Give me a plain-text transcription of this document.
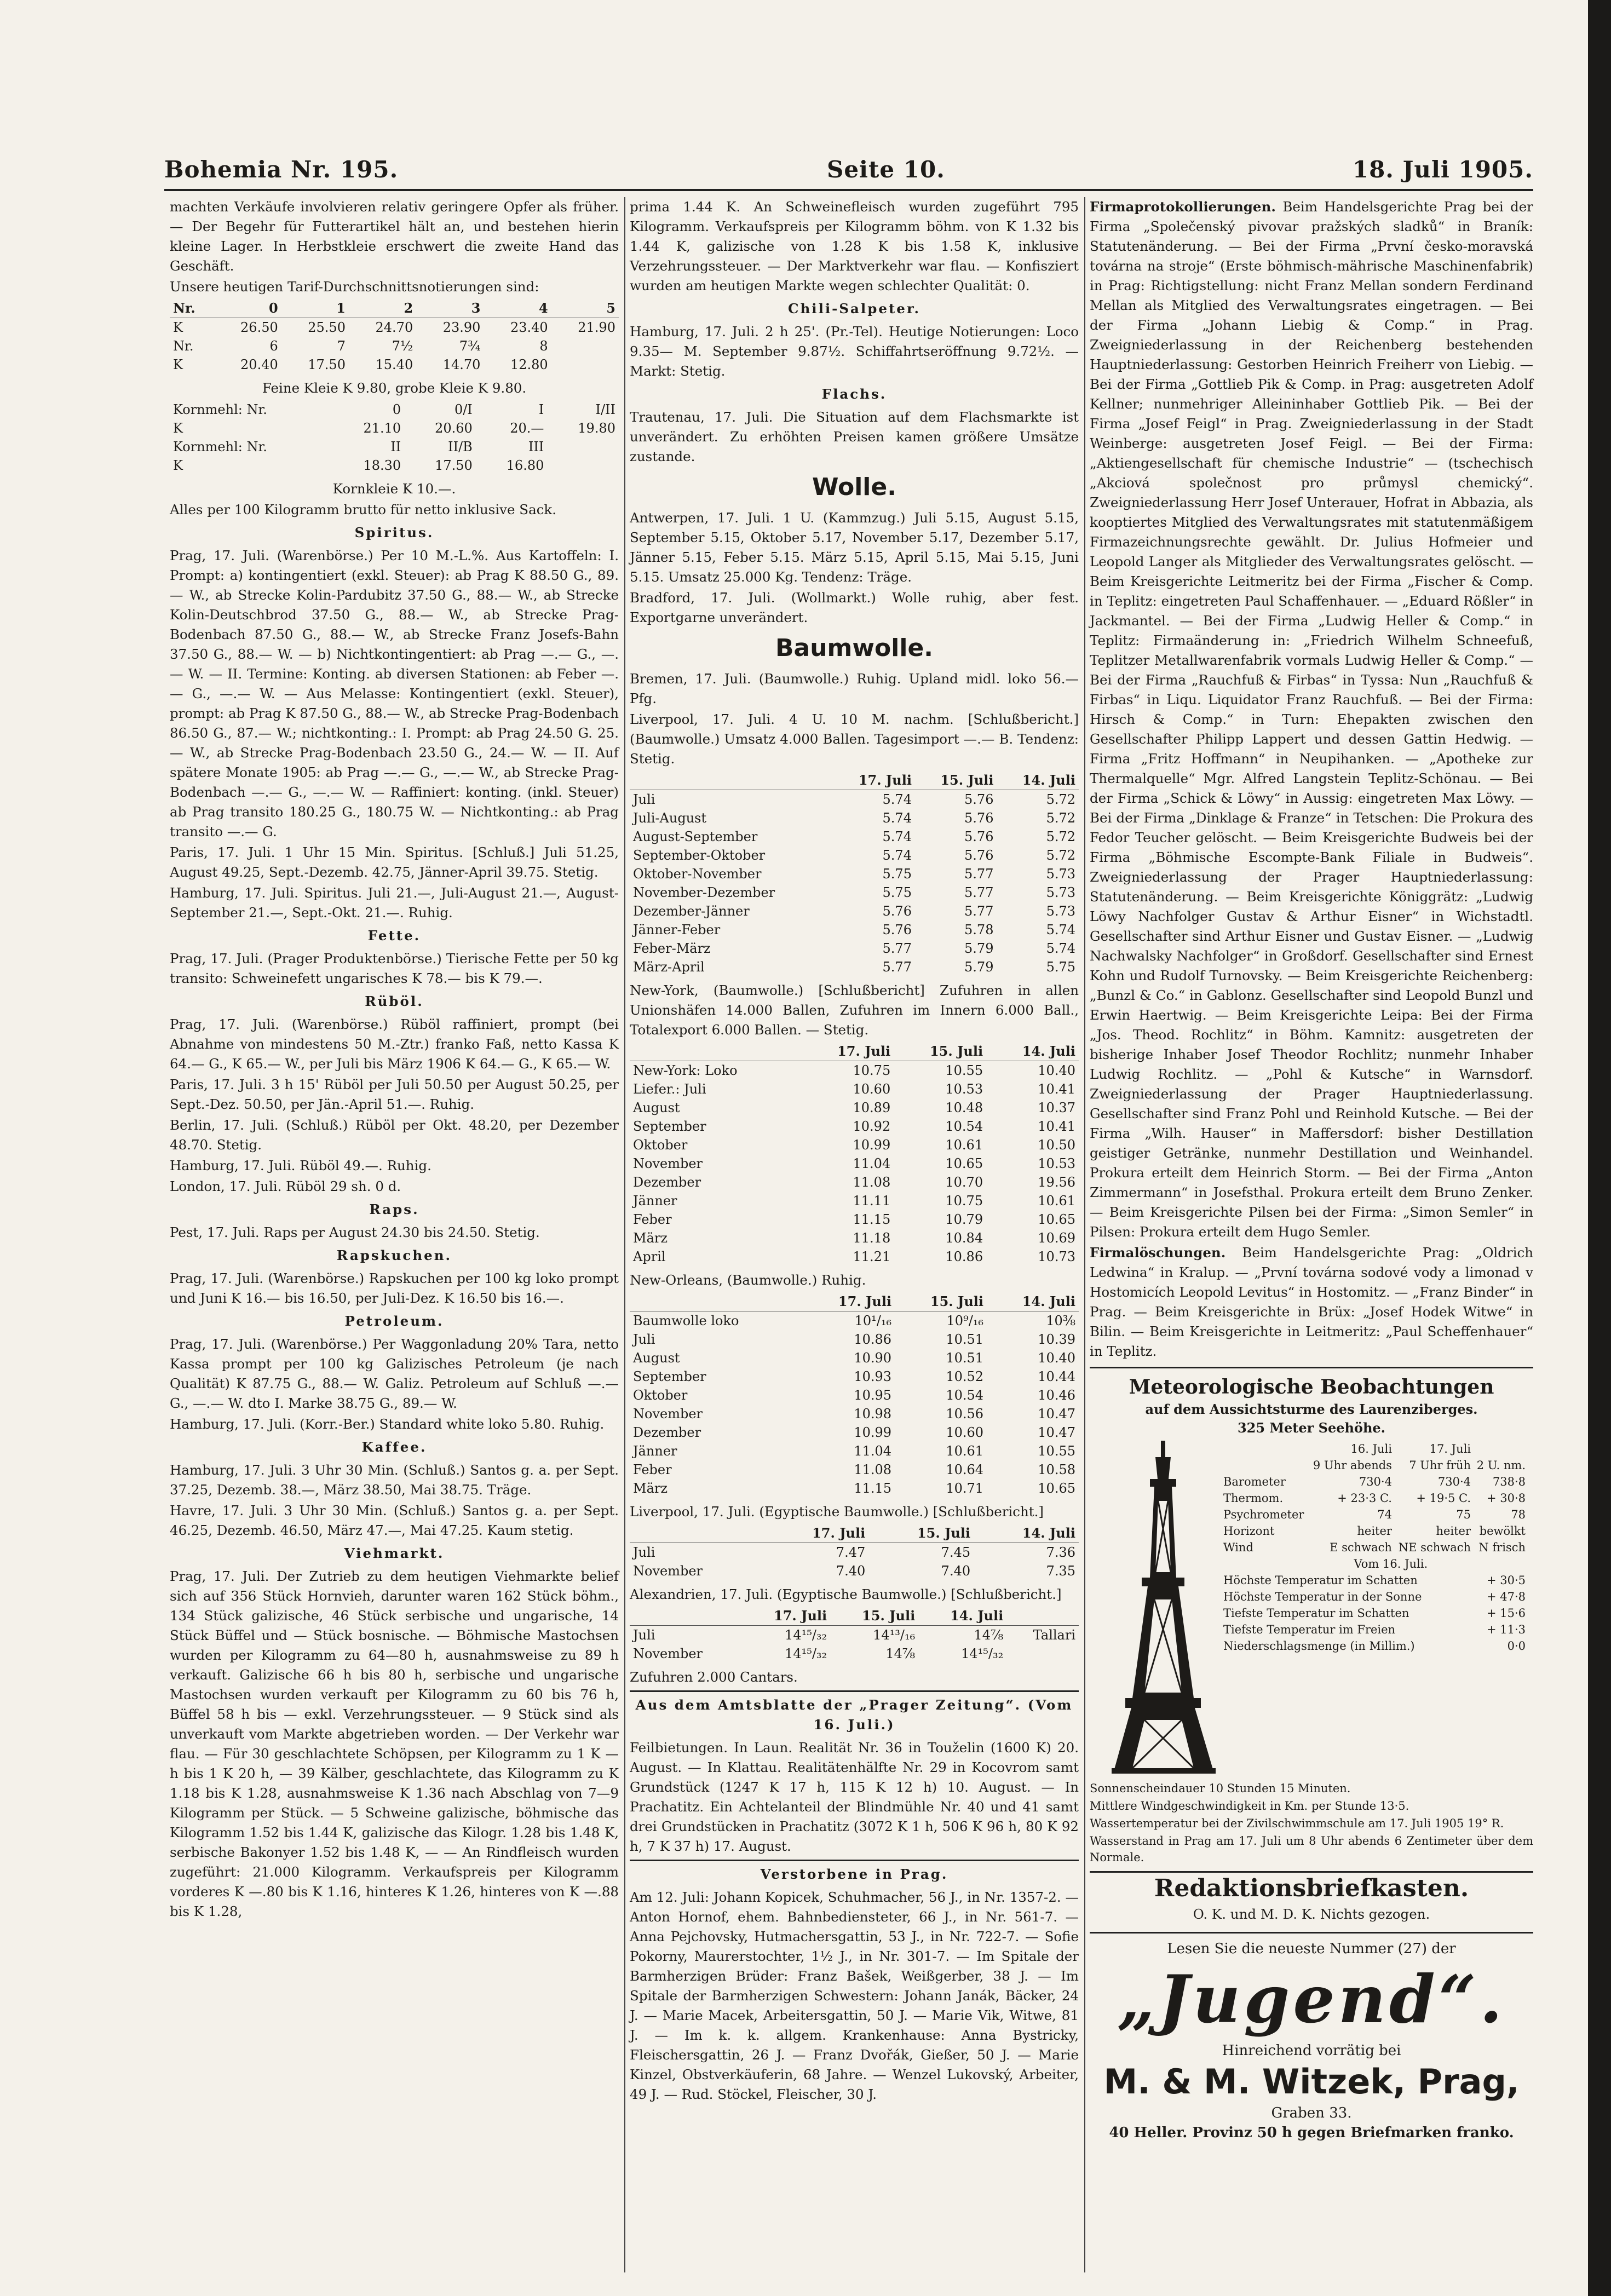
Bohemia Nr. 195.	Seite 10.	18. Juli 1905.

machten Verkäufe involvieren relativ geringere Opfer als früher. — Der Begehr für Futterartikel hält an, und bestehen hierin kleine Lager. In Herbstkleie erschwert die zweite Hand das Geschäft.

Unsere heutigen Tarif-Durchschnittsnotierungen sind:

Nr.	0	1	2	3	4	5
K	26.50	25.50	24.70	23.90	23.40	21.90
Nr.	6	7	7½	7¾	8	
K	20.40	17.50	15.40	14.70	12.80	

Feine Kleie K 9.80, grobe Kleie K 9.80.

Kornmehl: Nr.	0	0/I	I	I/II
K	21.10	20.60	20.—	19.80
Kornmehl: Nr.	II	II/B	III	
K	18.30	17.50	16.80	

Kornkleie K 10.—.

Alles per 100 Kilogramm brutto für netto inklusive Sack.

Spiritus.

Prag, 17. Juli. (Warenbörse.) Per 10 M.-L.%. Aus Kartoffeln: I. Prompt: a) kontingentiert (exkl. Steuer): ab Prag K 88.50 G., 89.— W., ab Strecke Kolin-Pardubitz 37.50 G., 88.— W., ab Strecke Kolin-Deutschbrod 37.50 G., 88.— W., ab Strecke Prag-Bodenbach 87.50 G., 88.— W., ab Strecke Franz Josefs-Bahn 37.50 G., 88.— W. — b) Nichtkontingentiert: ab Prag —.— G., —.— W. — II. Termine: Konting. ab diversen Stationen: ab Feber —.— G., —.— W. — Aus Melasse: Kontingentiert (exkl. Steuer), prompt: ab Prag K 87.50 G., 88.— W., ab Strecke Prag-Bodenbach 86.50 G., 87.— W.; nichtkonting.: I. Prompt: ab Prag 24.50 G. 25.— W., ab Strecke Prag-Bodenbach 23.50 G., 24.— W. — II. Auf spätere Monate 1905: ab Prag —.— G., —.— W., ab Strecke Prag-Bodenbach —.— G., —.— W. — Raffiniert: konting. (inkl. Steuer) ab Prag transito 180.25 G., 180.75 W. — Nichtkonting.: ab Prag transito —.— G.

Paris, 17. Juli. 1 Uhr 15 Min. Spiritus. [Schluß.] Juli 51.25, August 49.25, Sept.-Dezemb. 42.75, Jänner-April 39.75. Stetig.

Hamburg, 17. Juli. Spiritus. Juli 21.—, Juli-August 21.—, August-September 21.—, Sept.-Okt. 21.—. Ruhig.

Fette.

Prag, 17. Juli. (Prager Produktenbörse.) Tierische Fette per 50 kg transito: Schweinefett ungarisches K 78.— bis K 79.—.

Rüböl.

Prag, 17. Juli. (Warenbörse.) Rüböl raffiniert, prompt (bei Abnahme von mindestens 50 M.-Ztr.) franko Faß, netto Kassa K 64.— G., K 65.— W., per Juli bis März 1906 K 64.— G., K 65.— W.

Paris, 17. Juli. 3 h 15' Rüböl per Juli 50.50 per August 50.25, per Sept.-Dez. 50.50, per Jän.-April 51.—. Ruhig.

Berlin, 17. Juli. (Schluß.) Rüböl per Okt. 48.20, per Dezember 48.70. Stetig.

Hamburg, 17. Juli. Rüböl 49.—. Ruhig.

London, 17. Juli. Rüböl 29 sh. 0 d.

Raps.

Pest, 17. Juli. Raps per August 24.30 bis 24.50. Stetig.

Rapskuchen.

Prag, 17. Juli. (Warenbörse.) Rapskuchen per 100 kg loko prompt und Juni K 16.— bis 16.50, per Juli-Dez. K 16.50 bis 16.—.

Petroleum.

Prag, 17. Juli. (Warenbörse.) Per Waggonladung 20% Tara, netto Kassa prompt per 100 kg Galizisches Petroleum (je nach Qualität) K 87.75 G., 88.— W. Galiz. Petroleum auf Schluß —.— G., —.— W. dto I. Marke 38.75 G., 89.— W.

Hamburg, 17. Juli. (Korr.-Ber.) Standard white loko 5.80. Ruhig.

Kaffee.

Hamburg, 17. Juli. 3 Uhr 30 Min. (Schluß.) Santos g. a. per Sept. 37.25, Dezemb. 38.—, März 38.50, Mai 38.75. Träge.

Havre, 17. Juli. 3 Uhr 30 Min. (Schluß.) Santos g. a. per Sept. 46.25, Dezemb. 46.50, März 47.—, Mai 47.25. Kaum stetig.

Viehmarkt.

Prag, 17. Juli. Der Zutrieb zu dem heutigen Viehmarkte belief sich auf 356 Stück Hornvieh, darunter waren 162 Stück böhm., 134 Stück galizische, 46 Stück serbische und ungarische, 14 Stück Büffel und — Stück bosnische. — Böhmische Mastochsen wurden per Kilogramm zu 64—80 h, ausnahmsweise zu 89 h verkauft. Galizische 66 h bis 80 h, serbische und ungarische Mastochsen wurden verkauft per Kilogramm zu 60 bis 76 h, Büffel 58 h bis — exkl. Verzehrungssteuer. — 9 Stück sind als unverkauft vom Markte abgetrieben worden. — Der Verkehr war flau. — Für 30 geschlachtete Schöpsen, per Kilogramm zu 1 K — h bis 1 K 20 h, — 39 Kälber, geschlachtete, das Kilogramm zu K 1.18 bis K 1.28, ausnahmsweise K 1.36 nach Abschlag von 7—9 Kilogramm per Stück. — 5 Schweine galizische, böhmische das Kilogramm 1.52 bis 1.44 K, galizische das Kilogr. 1.28 bis 1.48 K, serbische Bakonyer 1.52 bis 1.48 K, — — An Rindfleisch wurden zugeführt: 21.000 Kilogramm. Verkaufspreis per Kilogramm vorderes K —.80 bis K 1.16, hinteres K 1.26, hinteres von K —.88 bis K 1.28,

prima 1.44 K. An Schweinefleisch wurden zugeführt 795 Kilogramm. Verkaufspreis per Kilogramm böhm. von K 1.32 bis 1.44 K, galizische von 1.28 K bis 1.58 K, inklusive Verzehrungssteuer. — Der Marktverkehr war flau. — Konfisziert wurden am heutigen Markte wegen schlechter Qualität: 0.

Chili-Salpeter.

Hamburg, 17. Juli. 2 h 25'. (Pr.-Tel). Heutige Notierungen: Loco 9.35— M. September 9.87½. Schiffahrtseröffnung 9.72½. — Markt: Stetig.

Flachs.

Trautenau, 17. Juli. Die Situation auf dem Flachsmarkte ist unverändert. Zu erhöhten Preisen kamen größere Umsätze zustande.

Wolle.

Antwerpen, 17. Juli. 1 U. (Kammzug.) Juli 5.15, August 5.15, September 5.15, Oktober 5.17, November 5.17, Dezember 5.17, Jänner 5.15, Feber 5.15. März 5.15, April 5.15, Mai 5.15, Juni 5.15. Umsatz 25.000 Kg. Tendenz: Träge.

Bradford, 17. Juli. (Wollmarkt.) Wolle ruhig, aber fest. Exportgarne unverändert.

Baumwolle.

Bremen, 17. Juli. (Baumwolle.) Ruhig. Upland midl. loko 56.— Pfg.

Liverpool, 17. Juli. 4 U. 10 M. nachm. [Schlußbericht.] (Baumwolle.) Umsatz 4.000 Ballen. Tagesimport —.— B. Tendenz: Stetig.

	17. Juli	15. Juli	14. Juli
Juli	5.74	5.76	5.72
Juli-August	5.74	5.76	5.72
August-September	5.74	5.76	5.72
September-Oktober	5.74	5.76	5.72
Oktober-November	5.75	5.77	5.73
November-Dezember	5.75	5.77	5.73
Dezember-Jänner	5.76	5.77	5.73
Jänner-Feber	5.76	5.78	5.74
Feber-März	5.77	5.79	5.74
März-April	5.77	5.79	5.75

New-York, (Baumwolle.) [Schlußbericht] Zufuhren in allen Unionshäfen 14.000 Ballen, Zufuhren im Innern 6.000 Ball., Totalexport 6.000 Ballen. — Stetig.

	17. Juli	15. Juli	14. Juli
New-York: Loko	10.75	10.55	10.40
Liefer.: Juli	10.60	10.53	10.41
August	10.89	10.48	10.37
September	10.92	10.54	10.41
Oktober	10.99	10.61	10.50
November	11.04	10.65	10.53
Dezember	11.08	10.70	19.56
Jänner	11.11	10.75	10.61
Feber	11.15	10.79	10.65
März	11.18	10.84	10.69
April	11.21	10.86	10.73

New-Orleans, (Baumwolle.) Ruhig.

	17. Juli	15. Juli	14. Juli
Baumwolle loko	10¹/₁₆	10⁹/₁₆	10⅜
Juli	10.86	10.51	10.39
August	10.90	10.51	10.40
September	10.93	10.52	10.44
Oktober	10.95	10.54	10.46
November	10.98	10.56	10.47
Dezember	10.99	10.60	10.47
Jänner	11.04	10.61	10.55
Feber	11.08	10.64	10.58
März	11.15	10.71	10.65

Liverpool, 17. Juli. (Egyptische Baumwolle.) [Schlußbericht.]

	17. Juli	15. Juli	14. Juli
Juli	7.47	7.45	7.36
November	7.40	7.40	7.35

Alexandrien, 17. Juli. (Egyptische Baumwolle.) [Schlußbericht.]

	17. Juli	15. Juli	14. Juli	
Juli	14¹⁵/₃₂	14¹³/₁₆	14⅞	Tallari
November	14¹⁵/₃₂	14⅞	14¹⁵/₃₂	

Zufuhren 2.000 Cantars.

Aus dem Amtsblatte der „Prager Zeitung“. (Vom 16. Juli.)

Feilbietungen. In Laun. Realität Nr. 36 in Touželin (1600 K) 20. August. — In Klattau. Realitätenhälfte Nr. 29 in Kocovrom samt Grundstück (1247 K 17 h, 115 K 12 h) 10. August. — In Prachatitz. Ein Achtelanteil der Blindmühle Nr. 40 und 41 samt drei Grundstücken in Prachatitz (3072 K 1 h, 506 K 96 h, 80 K 92 h, 7 K 37 h) 17. August.

Verstorbene in Prag.

Am 12. Juli: Johann Kopicek, Schuhmacher, 56 J., in Nr. 1357-2. — Anton Hornof, ehem. Bahnbediensteter, 66 J., in Nr. 561-7. — Anna Pejchovsky, Hutmachersgattin, 53 J., in Nr. 722-7. — Sofie Pokorny, Maurerstochter, 1½ J., in Nr. 301-7. — Im Spitale der Barmherzigen Brüder: Franz Bašek, Weißgerber, 38 J. — Im Spitale der Barmherzigen Schwestern: Johann Janák, Bäcker, 24 J. — Marie Macek, Arbeitersgattin, 50 J. — Marie Vik, Witwe, 81 J. — Im k. k. allgem. Krankenhause: Anna Bystricky, Fleischersgattin, 26 J. — Franz Dvořák, Gießer, 50 J. — Marie Kinzel, Obstverkäuferin, 68 Jahre. — Wenzel Lukovský, Arbeiter, 49 J. — Rud. Stöckel, Fleischer, 30 J.

Firmaprotokollierungen. Beim Handelsgerichte Prag bei der Firma „Společenský pivovar pražských sladků“ in Braník: Statutenänderung. — Bei der Firma „První česko-moravská továrna na stroje“ (Erste böhmisch-mährische Maschinenfabrik) in Prag: Richtigstellung: nicht Franz Mellan sondern Ferdinand Mellan als Mitglied des Verwaltungsrates eingetragen. — Bei der Firma „Johann Liebig & Comp.“ in Prag. Zweigniederlassung in der Reichenberg bestehenden Hauptniederlassung: Gestorben Heinrich Freiherr von Liebig. — Bei der Firma „Gottlieb Pik & Comp. in Prag: ausgetreten Adolf Kellner; nunmehriger Alleininhaber Gottlieb Pik. — Bei der Firma „Josef Feigl“ in Prag. Zweigniederlassung in der Stadt Weinberge: ausgetreten Josef Feigl. — Bei der Firma: „Aktiengesellschaft für chemische Industrie“ — (tschechisch „Akciová společnost pro průmysl chemický“. Zweigniederlassung Herr Josef Unterauer, Hofrat in Abbazia, als kooptiertes Mitglied des Verwaltungsrates mit statutenmäßigem Firmazeichnungsrechte gewählt. Dr. Julius Hofmeier und Leopold Langer als Mitglieder des Verwaltungsrates gelöscht. — Beim Kreisgerichte Leitmeritz bei der Firma „Fischer & Comp. in Teplitz: eingetreten Paul Schaffenhauer. — „Eduard Rößler“ in Jackmantel. — Bei der Firma „Ludwig Heller & Comp.“ in Teplitz: Firmaänderung in: „Friedrich Wilhelm Schneefuß, Teplitzer Metallwarenfabrik vormals Ludwig Heller & Comp.“ — Bei der Firma „Rauchfuß & Firbas“ in Tyssa: Nun „Rauchfuß & Firbas“ in Liqu. Liquidator Franz Rauchfuß. — Bei der Firma: Hirsch & Comp.“ in Turn: Ehepakten zwischen den Gesellschafter Philipp Lappert und dessen Gattin Hedwig. — Firma „Fritz Hoffmann“ in Neupihanken. — „Apotheke zur Thermalquelle“ Mgr. Alfred Langstein Teplitz-Schönau. — Bei der Firma „Schick & Löwy“ in Aussig: eingetreten Max Löwy. — Bei der Firma „Dinklage & Franze“ in Tetschen: Die Prokura des Fedor Teucher gelöscht. — Beim Kreisgerichte Budweis bei der Firma „Böhmische Escompte-Bank Filiale in Budweis“. Zweigniederlassung der Prager Hauptniederlassung: Statutenänderung. — Beim Kreisgerichte Königgrätz: „Ludwig Löwy Nachfolger Gustav & Arthur Eisner“ in Wichstadtl. Gesellschafter sind Arthur Eisner und Gustav Eisner. — „Ludwig Nachwalsky Nachfolger“ in Großdorf. Gesellschafter sind Ernest Kohn und Rudolf Turnovsky. — Beim Kreisgerichte Reichenberg: „Bunzl & Co.“ in Gablonz. Gesellschafter sind Leopold Bunzl und Erwin Haertwig. — Beim Kreisgerichte Leipa: Bei der Firma „Jos. Theod. Rochlitz“ in Böhm. Kamnitz: ausgetreten der bisherige Inhaber Josef Theodor Rochlitz; nunmehr Inhaber Ludwig Rochlitz. — „Pohl & Kutsche“ in Warnsdorf. Zweigniederlassung der Prager Hauptniederlassung. Gesellschafter sind Franz Pohl und Reinhold Kutsche. — Bei der Firma „Wilh. Hauser“ in Maffersdorf: bisher Destillation geistiger Getränke, nunmehr Destillation und Weinhandel. Prokura erteilt dem Heinrich Storm. — Bei der Firma „Anton Zimmermann“ in Josefsthal. Prokura erteilt dem Bruno Zenker. — Beim Kreisgerichte Pilsen bei der Firma: „Simon Semler“ in Pilsen: Prokura erteilt dem Hugo Semler.

Firmalöschungen. Beim Handelsgerichte Prag: „Oldrich Ledwina“ in Kralup. — „První továrna sodové vody a limonad v Hostomicích Leopold Levitus“ in Hostomitz. — „Franz Binder“ in Prag. — Beim Kreisgerichte in Brüx: „Josef Hodek Witwe“ in Bilin. — Beim Kreisgerichte in Leitmeritz: „Paul Scheffenhauer“ in Teplitz.

Meteorologische Beobachtungen
auf dem Aussichtsturme des Laurenziberges.
325 Meter Seehöhe.
	16. Juli	17. Juli	
	9 Uhr abends	7 Uhr früh	2 U. nm.
Barometer	730·4	730·4	738·8
Thermom.	+ 23·3 C.	+ 19·5 C.	+ 30·8
Psychrometer	74	75	78
Horizont	heiter	heiter	bewölkt
Wind	E schwach	NE schwach	N frisch
	Vom 16. Juli.		
Höchste Temperatur im Schatten			+ 30·5
Höchste Temperatur in der Sonne			+ 47·8
Tiefste Temperatur im Schatten			+ 15·6
Tiefste Temperatur im Freien			+ 11·3
Niederschlagsmenge (in Millim.)			0·0

Sonnenscheindauer 10 Stunden 15 Minuten.

Mittlere Windgeschwindigkeit in Km. per Stunde 13·5.

Wassertemperatur bei der Zivilschwimmschule am 17. Juli 1905 19° R.

Wasserstand in Prag am 17. Juli um 8 Uhr abends 6 Zentimeter über dem Normale.

Redaktionsbriefkasten.

O. K. und M. D. K. Nichts gezogen.

Lesen Sie die neueste Nummer (27) der
„Jugend“.
Hinreichend vorrätig bei
M. & M. Witzek, Prag,
Graben 33.
40 Heller. Provinz 50 h gegen Briefmarken franko.
